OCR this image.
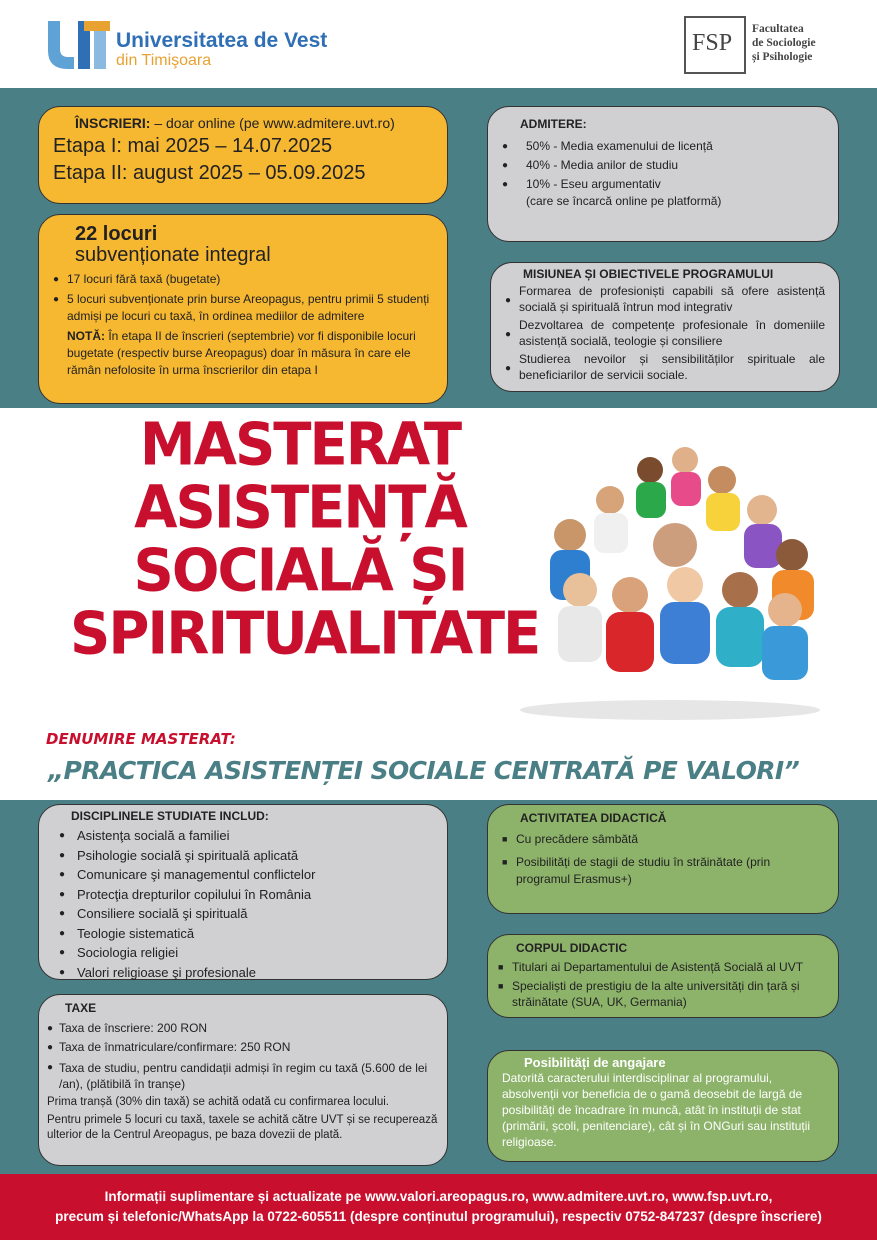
Universitatea de Vest
din Timişoara
FSP
Facultatea
de Sociologie
și Psihologie
ÎNSCRIERI: – doar online (pe www.admitere.uvt.ro)
Etapa I: mai 2025 – 14.07.2025
Etapa II: august 2025 – 05.09.2025
22 locuri
subvenționate integral
● 17 locuri fără taxă (bugetate)
● 5 locuri subvenționate prin burse Areopagus, pentru primii 5 studenți admiși pe locuri cu taxă, în ordinea mediilor de admitere
NOTĂ: În etapa II de înscrieri (septembrie) vor fi disponibile locuri bugetate (respectiv burse Areopagus) doar în măsura în care ele rămân nefolosite în urma înscrierilor din etapa I
ADMITERE:
● 50% - Media examenului de licență
● 40% - Media anilor de studiu
● 10% - Eseu argumentativ
(care se încarcă online pe platformă)
MISIUNEA ȘI OBIECTIVELE PROGRAMULUI
● Formarea de profesioniști capabili să ofere asistență socială și spirituală întrun mod integrativ
● Dezvoltarea de competențe profesionale în domeniile asistență socială, teologie și consiliere
● Studierea nevoilor și sensibilităților spirituale ale beneficiarilor de servicii sociale.
MASTERAT
ASISTENȚĂ
SOCIALĂ ȘI
SPIRITUALITATE
DENUMIRE MASTERAT:
„PRACTICA ASISTENȚEI SOCIALE CENTRATĂ PE VALORI”
DISCIPLINELE STUDIATE INCLUD:
● Asistenţa socială a familiei
● Psihologie socială şi spirituală aplicată
● Comunicare şi managementul conflictelor
● Protecţia drepturilor copilului în România
● Consiliere socială şi spirituală
● Teologie sistematică
● Sociologia religiei
● Valori religioase şi profesionale
TAXE
● Taxa de înscriere: 200 RON
● Taxa de înmatriculare/confirmare: 250 RON
● Taxa de studiu, pentru candidații admiși în regim cu taxă (5.600 de lei /an), (plătibilă în tranșe)

Prima tranșă (30% din taxă) se achită odată cu confirmarea locului.

Pentru primele 5 locuri cu taxă, taxele se achită către UVT și se recuperează ulterior de la Centrul Areopagus, pe baza dovezii de plată.

ACTIVITATEA DIDACTICĂ
■ Cu precădere sâmbătă
■ Posibilități de stagii de studiu în străinătate (prin programul Erasmus+)
CORPUL DIDACTIC
■ Titulari ai Departamentului de Asistență Socială al UVT
■ Specialiști de prestigiu de la alte universități din țară și străinătate (SUA, UK, Germania)
Posibilități de angajare

Datorită caracterului interdisciplinar al programului, absolvenții vor beneficia de o gamă deosebit de largă de posibilități de încadrare în muncă, atât în instituții de stat (primării, școli, penitenciare), cât și în ONGuri sau instituții religioase.

Informații suplimentare și actualizate pe www.valori.areopagus.ro, www.admitere.uvt.ro, www.fsp.uvt.ro,
precum și telefonic/WhatsApp la 0722-605511 (despre conținutul programului), respectiv 0752-847237 (despre înscriere)
